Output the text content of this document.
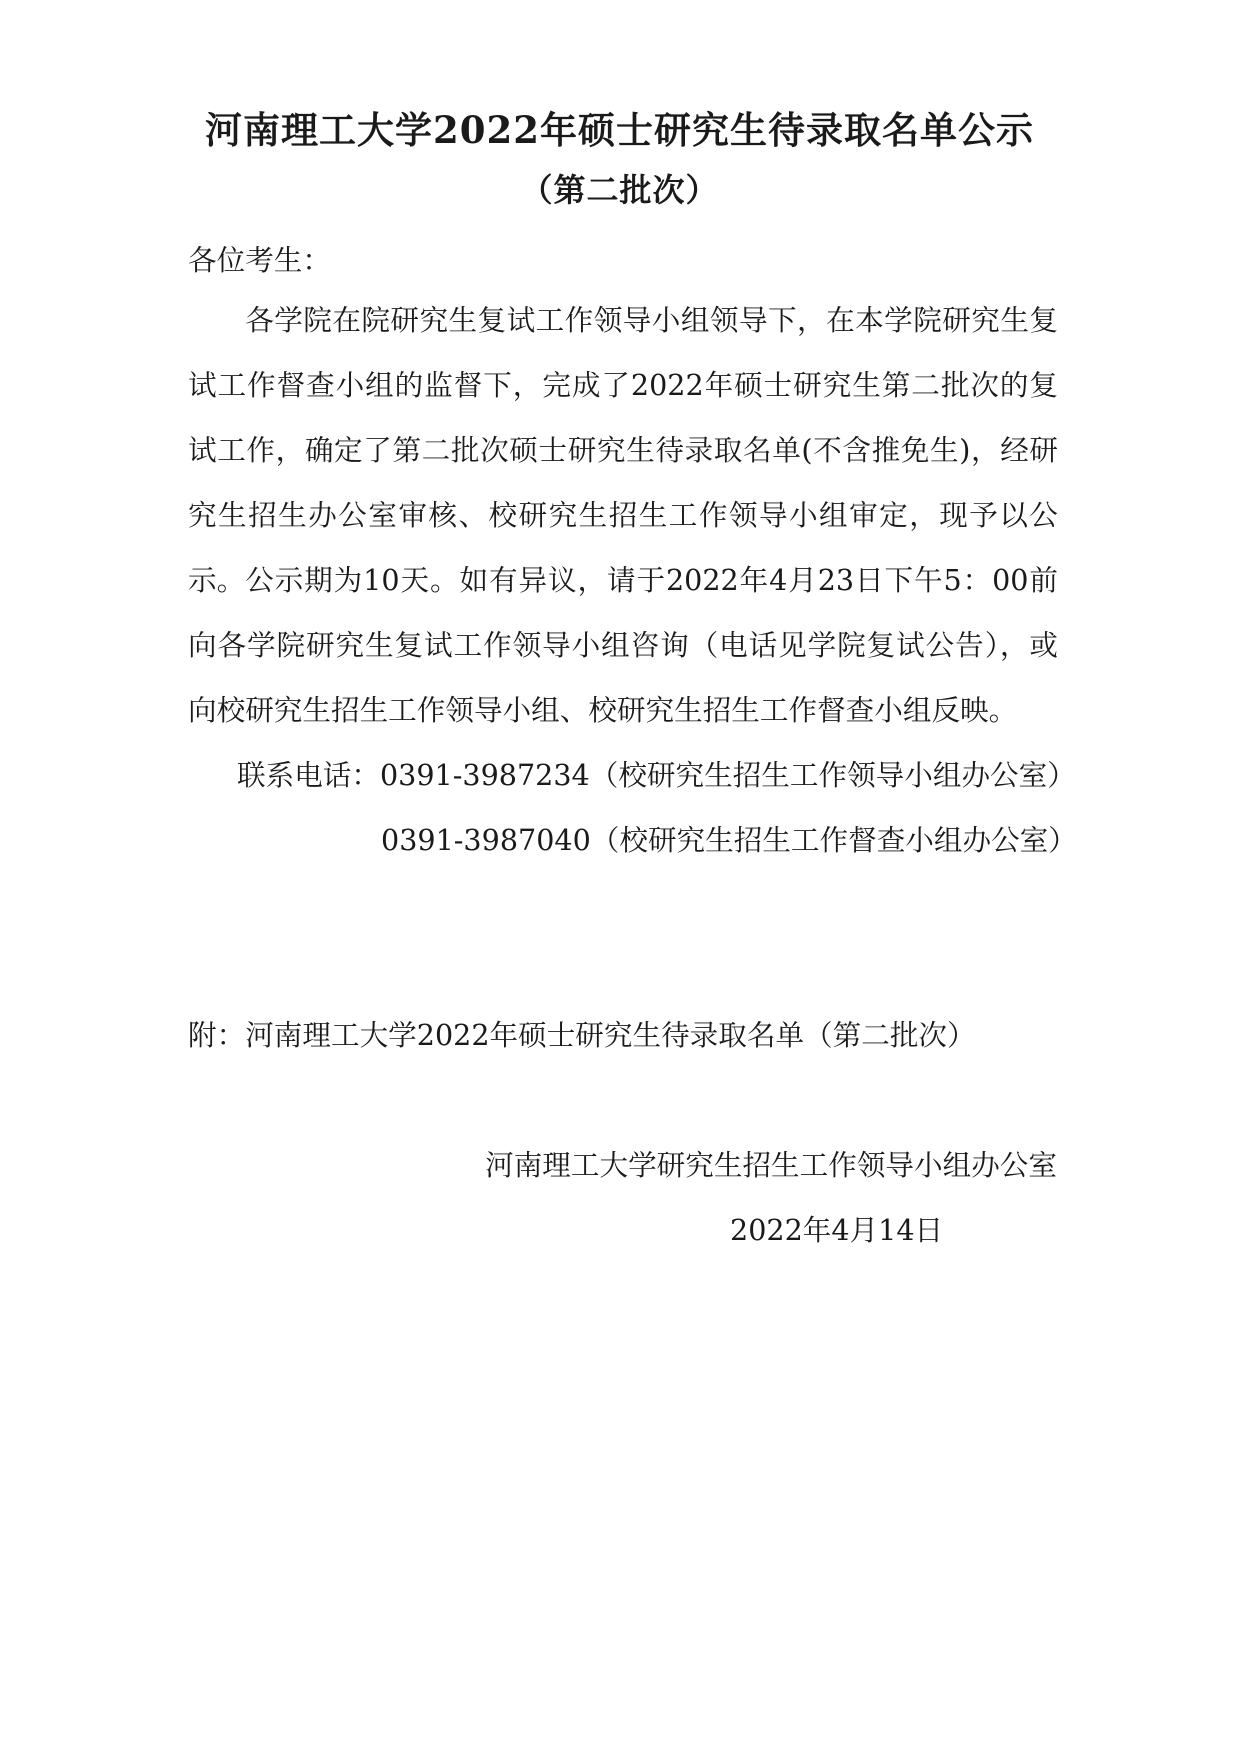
河南理工大学2022年硕士研究生待录取名单公示
（第二批次）
各位考生：
各学院在院研究生复试工作领导小组领导下，在本学院研究生复试工作督查小组的监督下，完成了2022年硕士研究生第二批次的复试工作，确定了第二批次硕士研究生待录取名单(不含推免生)，经研究生招生办公室审核、校研究生招生工作领导小组审定，现予以公示。 公示期为10天。如有异议，请于2022年4月23日下午5：00前向各学院研究生复试工作领导小组咨询（电话见学院复试公告），或向校研究生招生工作领导小组、校研究生招生工作督查小组反映。
联系电话：0391-3987234（校研究生招生工作领导小组办公室）
0391-3987040（校研究生招生工作督查小组办公室）
附：河南理工大学2022年硕士研究生待录取名单（第二批次）
河南理工大学研究生招生工作领导小组办公室
2022年4月14日
